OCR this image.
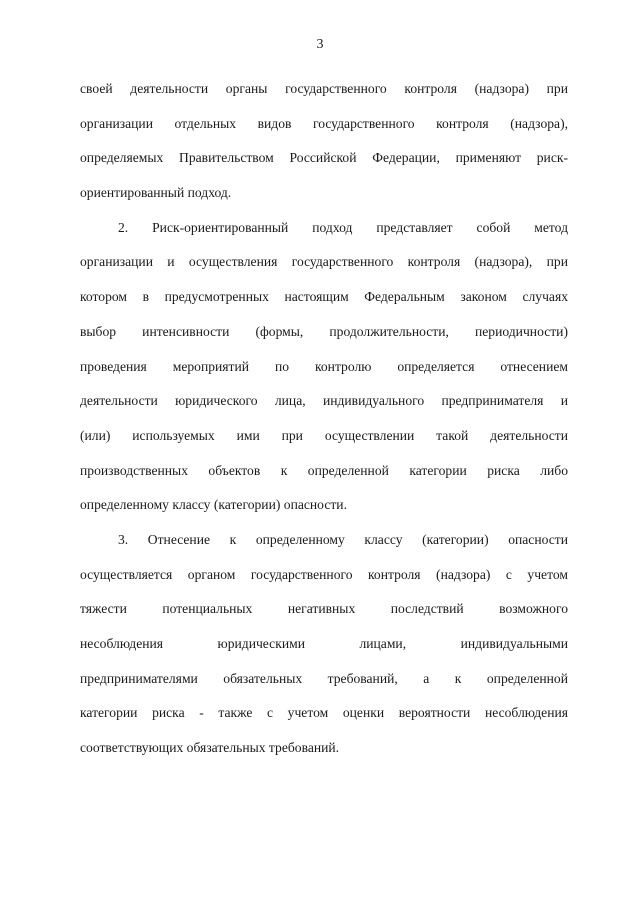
3
своей деятельности органы государственного контроля (надзора) при
организации отдельных видов государственного контроля (надзора),
определяемых Правительством Российской Федерации, применяют риск-
ориентированный подход.
2. Риск-ориентированный подход представляет собой метод
организации и осуществления государственного контроля (надзора), при
котором в предусмотренных настоящим Федеральным законом случаях
выбор интенсивности (формы, продолжительности, периодичности)
проведения мероприятий по контролю определяется отнесением
деятельности юридического лица, индивидуального предпринимателя и
(или) используемых ими при осуществлении такой деятельности
производственных объектов к определенной категории риска либо
определенному классу (категории) опасности.
3. Отнесение к определенному классу (категории) опасности
осуществляется органом государственного контроля (надзора) с учетом
тяжести потенциальных негативных последствий возможного
несоблюдения юридическими лицами, индивидуальными
предпринимателями обязательных требований, а к определенной
категории риска - также с учетом оценки вероятности несоблюдения
соответствующих обязательных требований.
